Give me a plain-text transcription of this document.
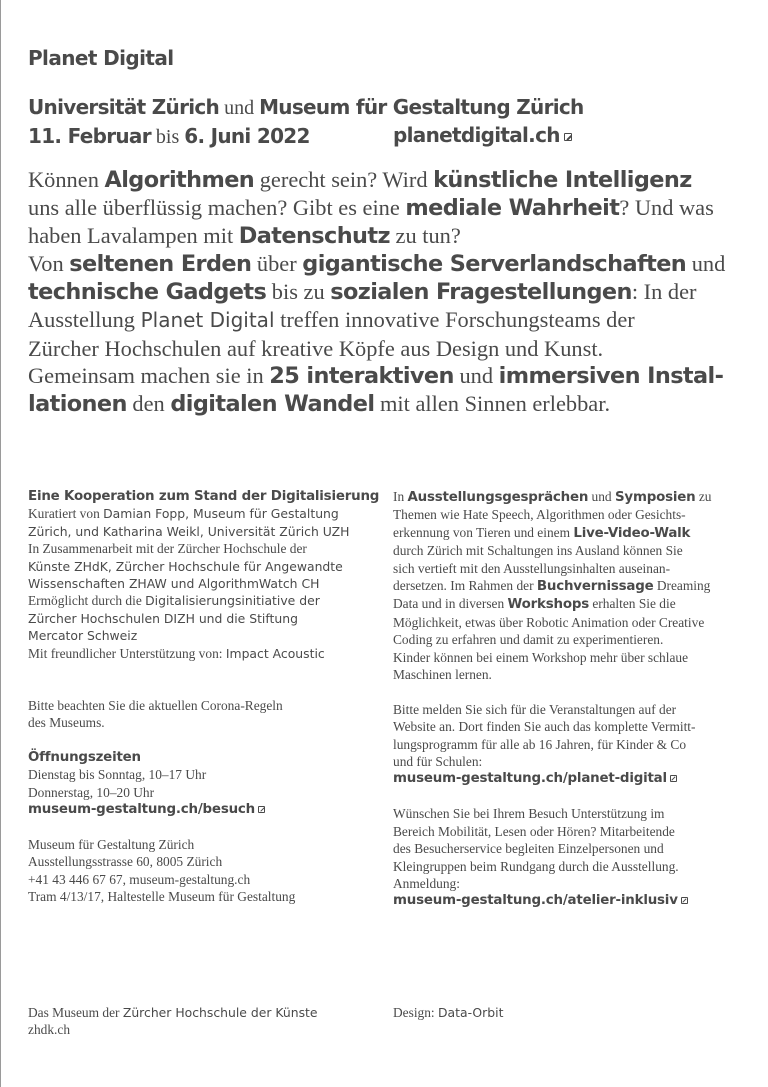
Planet Digital
Universität Zürich und Museum für Gestaltung Zürich
11. Februar bis 6. Juni 2022	planetdigital.ch
Können Algorithmen gerecht sein? Wird künstliche Intelligenz
uns alle überflüssig machen? Gibt es eine mediale Wahrheit? Und was
haben Lavalampen mit Datenschutz zu tun?
Von seltenen Erden über gigantische Serverlandschaften und
technische Gadgets bis zu sozialen Fragestellungen: In der
Ausstellung Planet Digital treffen innovative Forschungsteams der
Zürcher Hochschulen auf kreative Köpfe aus Design und Kunst.
Gemeinsam machen sie in 25 interaktiven und immersiven Instal-
lationen den digitalen Wandel mit allen Sinnen erlebbar.
Eine Kooperation zum Stand der Digitalisierung
Kuratiert von Damian Fopp, Museum für Gestaltung
Zürich, und Katharina Weikl, Universität Zürich UZH
In Zusammenarbeit mit der Zürcher Hochschule der
Künste ZHdK, Zürcher Hochschule für Angewandte
Wissenschaften ZHAW und AlgorithmWatch CH
Ermöglicht durch die Digitalisierungsinitiative der
Zürcher Hochschulen DIZH und die Stiftung
Mercator Schweiz
Mit freundlicher Unterstützung von: Impact Acoustic
Bitte beachten Sie die aktuellen Corona-Regeln
des Museums.
Öffnungszeiten
Dienstag bis Sonntag, 10–17 Uhr
Donnerstag, 10–20 Uhr
museum-gestaltung.ch/besuch
Museum für Gestaltung Zürich
Ausstellungsstrasse 60, 8005 Zürich
+41 43 446 67 67, museum-gestaltung.ch
Tram 4/13/17, Haltestelle Museum für Gestaltung
In Ausstellungsgesprächen und Symposien zu
Themen wie Hate Speech, Algorithmen oder Gesichts-
erkennung von Tieren und einem Live-Video-Walk
durch Zürich mit Schaltungen ins Ausland können Sie
sich vertieft mit den Ausstellungsinhalten auseinan-
dersetzen. Im Rahmen der Buchvernissage Dreaming
Data und in diversen Workshops erhalten Sie die
Möglichkeit, etwas über Robotic Animation oder Creative
Coding zu erfahren und damit zu experimentieren.
Kinder können bei einem Workshop mehr über schlaue
Maschinen lernen.
Bitte melden Sie sich für die Veranstaltungen auf der
Website an. Dort finden Sie auch das komplette Vermitt-
lungsprogramm für alle ab 16 Jahren, für Kinder & Co
und für Schulen:
museum-gestaltung.ch/planet-digital
Wünschen Sie bei Ihrem Besuch Unterstützung im
Bereich Mobilität, Lesen oder Hören? Mitarbeitende
des Besucherservice begleiten Einzelpersonen und
Kleingruppen beim Rundgang durch die Ausstellung.
Anmeldung:
museum-gestaltung.ch/atelier-inklusiv
Das Museum der Zürcher Hochschule der Künste
zhdk.ch
Design: Data-Orbit
